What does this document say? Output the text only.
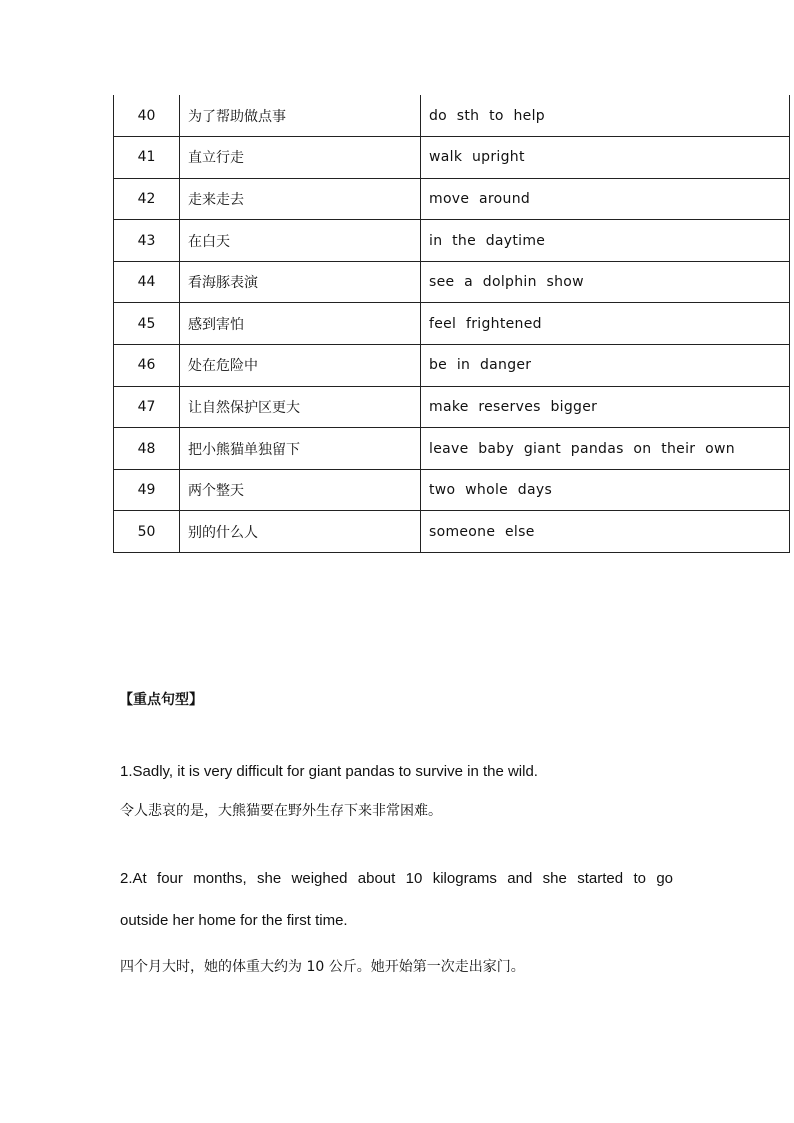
40	为了帮助做点事	do sth to help
41	直立行走	walk upright
42	走来走去	move around
43	在白天	in the daytime
44	看海豚表演	see a dolphin show
45	感到害怕	feel frightened
46	处在危险中	be in danger
47	让自然保护区更大	make reserves bigger
48	把小熊猫单独留下	leave baby giant pandas on their own
49	两个整天	two whole days
50	别的什么人	someone else
【重点句型】

1.Sadly, it is very difficult for giant pandas to survive in the wild.

令人悲哀的是，大熊猫要在野外生存下来非常困难。

2.At four months, she weighed about 10 kilograms and she started to go

outside her home for the first time.

四个月大时，她的体重大约为 10 公斤。她开始第一次走出家门。
